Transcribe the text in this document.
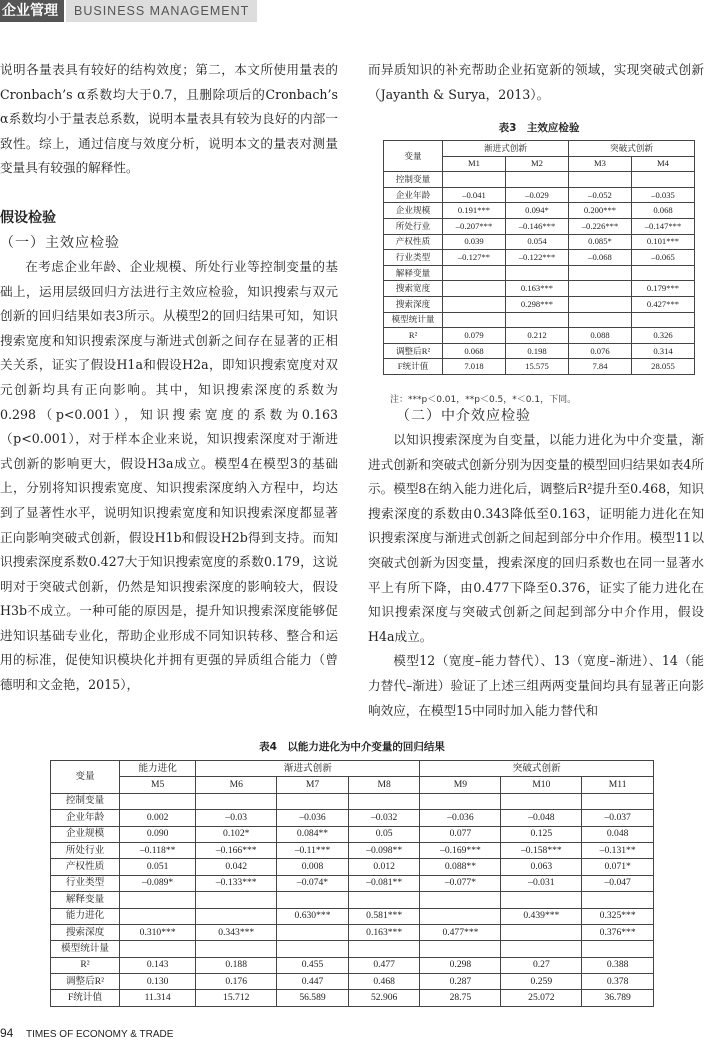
企业管理	BUSINESS MANAGEMENT

说明各量表具有较好的结构效度；第二，本文所使用量表的Cronbach’s α系数均大于0.7，且删除项后的Cronbach’s α系数均小于量表总系数，说明本量表具有较为良好的内部一致性。综上，通过信度与效度分析，说明本文的量表对测量变量具有较强的解释性。

假设检验
（一）主效应检验

在考虑企业年龄、企业规模、所处行业等控制变量的基础上，运用层级回归方法进行主效应检验，知识搜索与双元创新的回归结果如表3所示。从模型2的回归结果可知，知识搜索宽度和知识搜索深度与渐进式创新之间存在显著的正相关关系，证实了假设H1a和假设H2a，即知识搜索宽度对双元创新均具有正向影响。其中，知识搜索深度的系数为0.298（p<0.001），知识搜索宽度的系数为0.163（p<0.001），对于样本企业来说，知识搜索深度对于渐进式创新的影响更大，假设H3a成立。模型4在模型3的基础上，分别将知识搜索宽度、知识搜索深度纳入方程中，均达到了显著性水平，说明知识搜索宽度和知识搜索深度都显著正向影响突破式创新，假设H1b和假设H2b得到支持。而知识搜索深度系数0.427大于知识搜索宽度的系数0.179，这说明对于突破式创新，仍然是知识搜索深度的影响较大，假设H3b不成立。一种可能的原因是，提升知识搜索深度能够促进知识基础专业化，帮助企业形成不同知识转移、整合和运用的标准，促使知识模块化并拥有更强的异质组合能力（曾德明和文金艳，2015），

而异质知识的补充帮助企业拓宽新的领域，实现突破式创新（Jayanth & Surya，2013）。

表3　主效应检验
变量	渐进式创新		突破式创新	
	M1	M2	M3	M4
控制变量				
企业年龄	–0.041	–0.029	–0.052	–0.035
企业规模	0.191***	0.094*	0.200***	0.068
所处行业	–0.207***	–0.146***	–0.226***	–0.147***
产权性质	0.039	0.054	0.085*	0.101***
行业类型	–0.127**	–0.122***	–0.068	–0.065
解释变量				
搜索宽度		0.163***		0.179***
搜索深度		0.298***		0.427***
模型统计量				
R²	0.079	0.212	0.088	0.326
调整后R²	0.068	0.198	0.076	0.314
F统计值	7.018	15.575	7.84	28.055
注：***p＜0.01，**p＜0.5，*＜0.1，下同。
（二）中介效应检验

以知识搜索深度为自变量，以能力进化为中介变量，渐进式创新和突破式创新分别为因变量的模型回归结果如表4所示。模型8在纳入能力进化后，调整后R²提升至0.468，知识搜索深度的系数由0.343降低至0.163，证明能力进化在知识搜索深度与渐进式创新之间起到部分中介作用。模型11以突破式创新为因变量，搜索深度的回归系数也在同一显著水平上有所下降，由0.477下降至0.376，证实了能力进化在知识搜索深度与突破式创新之间起到部分中介作用，假设H4a成立。

模型12（宽度–能力替代）、13（宽度–渐进）、14（能力替代–渐进）验证了上述三组两两变量间均具有显著正向影响效应，在模型15中同时加入能力替代和

表4　以能力进化为中介变量的回归结果
变量	能力进化	渐进式创新			突破式创新		
	M5	M6	M7	M8	M9	M10	M11
控制变量							
企业年龄	0.002	–0.03	–0.036	–0.032	–0.036	–0.048	–0.037
企业规模	0.090	0.102*	0.084**	0.05	0.077	0.125	0.048
所处行业	–0.118**	–0.166***	–0.11***	–0.098**	–0.169***	–0.158***	–0.131**
产权性质	0.051	0.042	0.008	0.012	0.088**	0.063	0.071*
行业类型	–0.089*	–0.133***	–0.074*	–0.081**	–0.077*	–0.031	–0.047
解释变量							
能力进化			0.630***	0.581***		0.439***	0.325***
搜索深度	0.310***	0.343***		0.163***	0.477***		0.376***
模型统计量							
R²	0.143	0.188	0.455	0.477	0.298	0.27	0.388
调整后R²	0.130	0.176	0.447	0.468	0.287	0.259	0.378
F统计值	11.314	15.712	56.589	52.906	28.75	25.072	36.789
94 TIMES OF ECONOMY & TRADE
